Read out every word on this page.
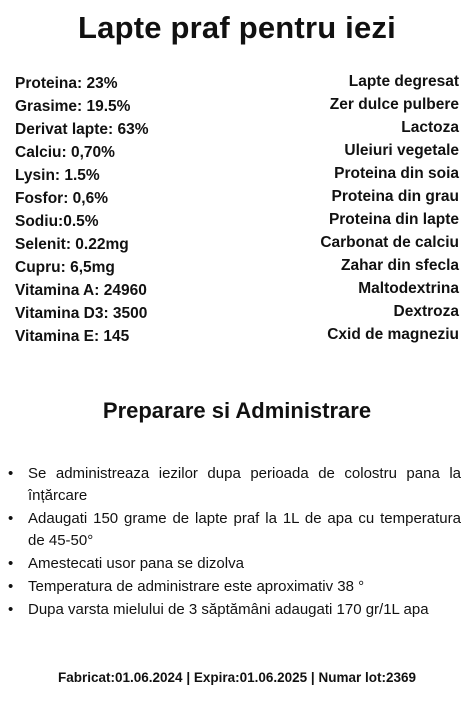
Lapte praf pentru iezi
Proteina: 23%
Grasime: 19.5%
Derivat lapte: 63%
Calciu: 0,70%
Lysin: 1.5%
Fosfor: 0,6%
Sodiu:0.5%
Selenit: 0.22mg
Cupru: 6,5mg
Vitamina A: 24960
Vitamina D3: 3500
Vitamina E: 145
Lapte degresat
Zer dulce pulbere
Lactoza
Uleiuri vegetale
Proteina din soia
Proteina din grau
Proteina din lapte
Carbonat de calciu
Zahar din sfecla
Maltodextrina
Dextroza
Cxid de magneziu
Preparare si Administrare
• Se administreaza iezilor dupa perioada de colostru pana la înțărcare
• Adaugati 150 grame de lapte praf la 1L de apa cu temperatura de 45-50°
• Amestecati usor pana se dizolva
• Temperatura de administrare este aproximativ 38 °
• Dupa varsta mielului de 3 săptămâni adaugati 170 gr/1L apa

Fabricat:01.06.2024 | Expira:01.06.2025 | Numar lot:2369
